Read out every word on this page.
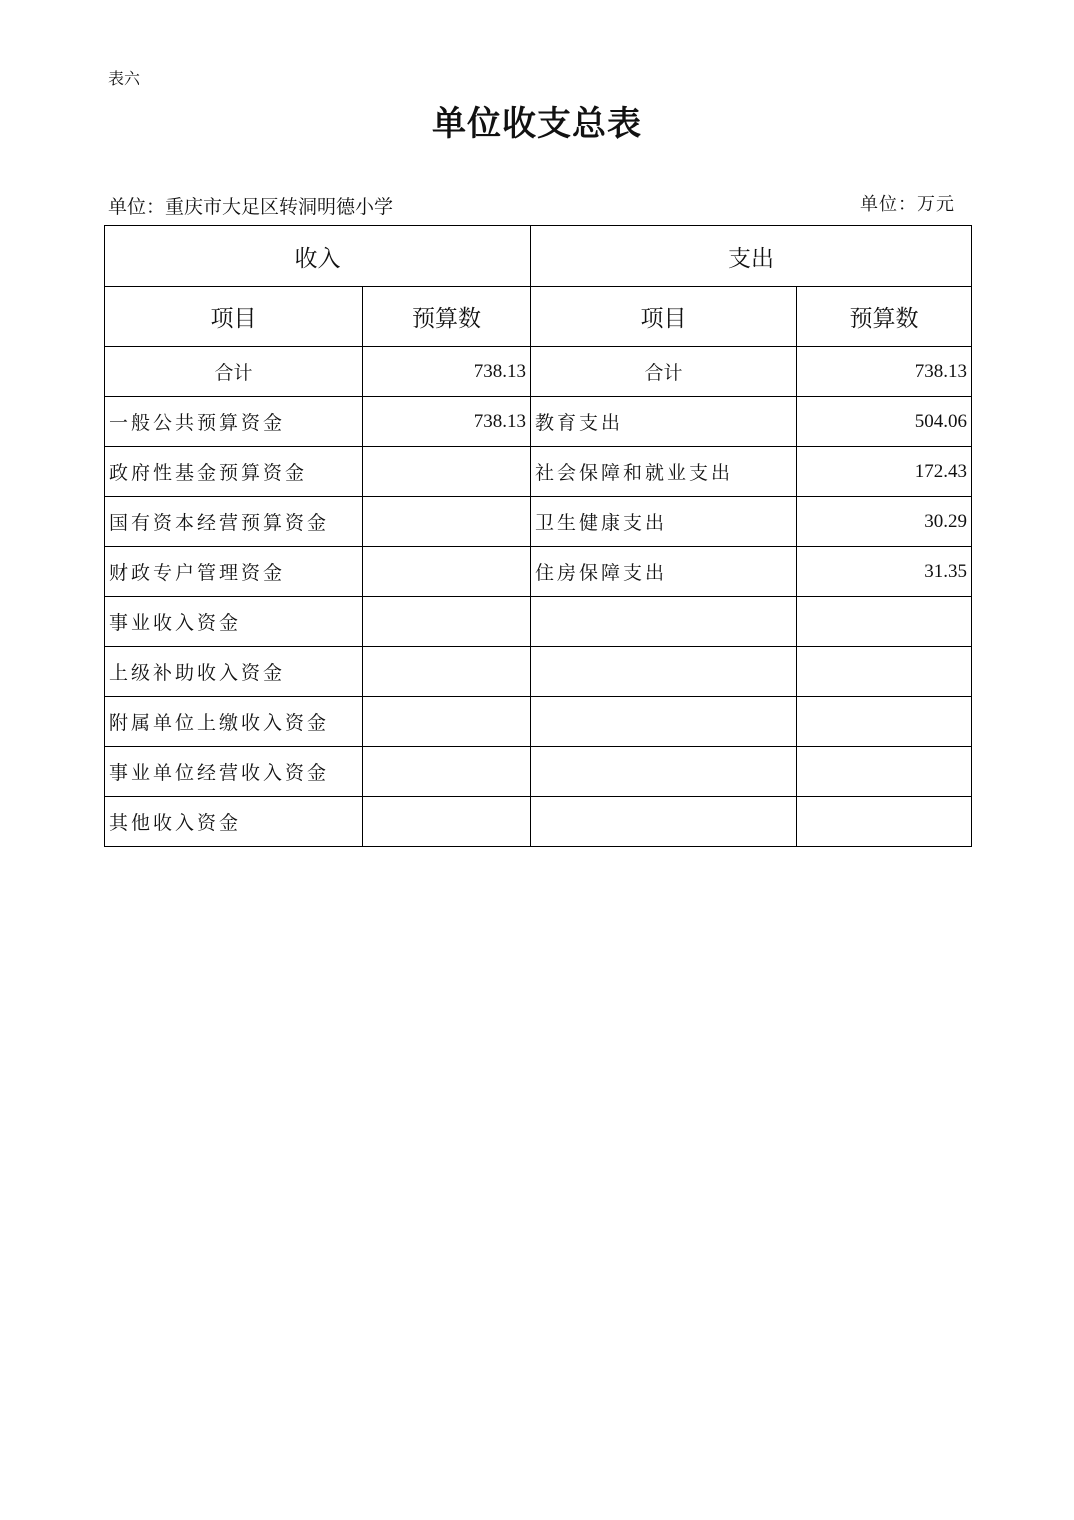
表六
单位收支总表
单位：重庆市大足区转洞明德小学	单位：万元
收入		支出	
项目	预算数	项目	预算数
合计	738.13	合计	738.13
一般公共预算资金	738.13	教育支出	504.06
政府性基金预算资金		社会保障和就业支出	172.43
国有资本经营预算资金		卫生健康支出	30.29
财政专户管理资金		住房保障支出	31.35
事业收入资金			
上级补助收入资金			
附属单位上缴收入资金			
事业单位经营收入资金			
其他收入资金			
